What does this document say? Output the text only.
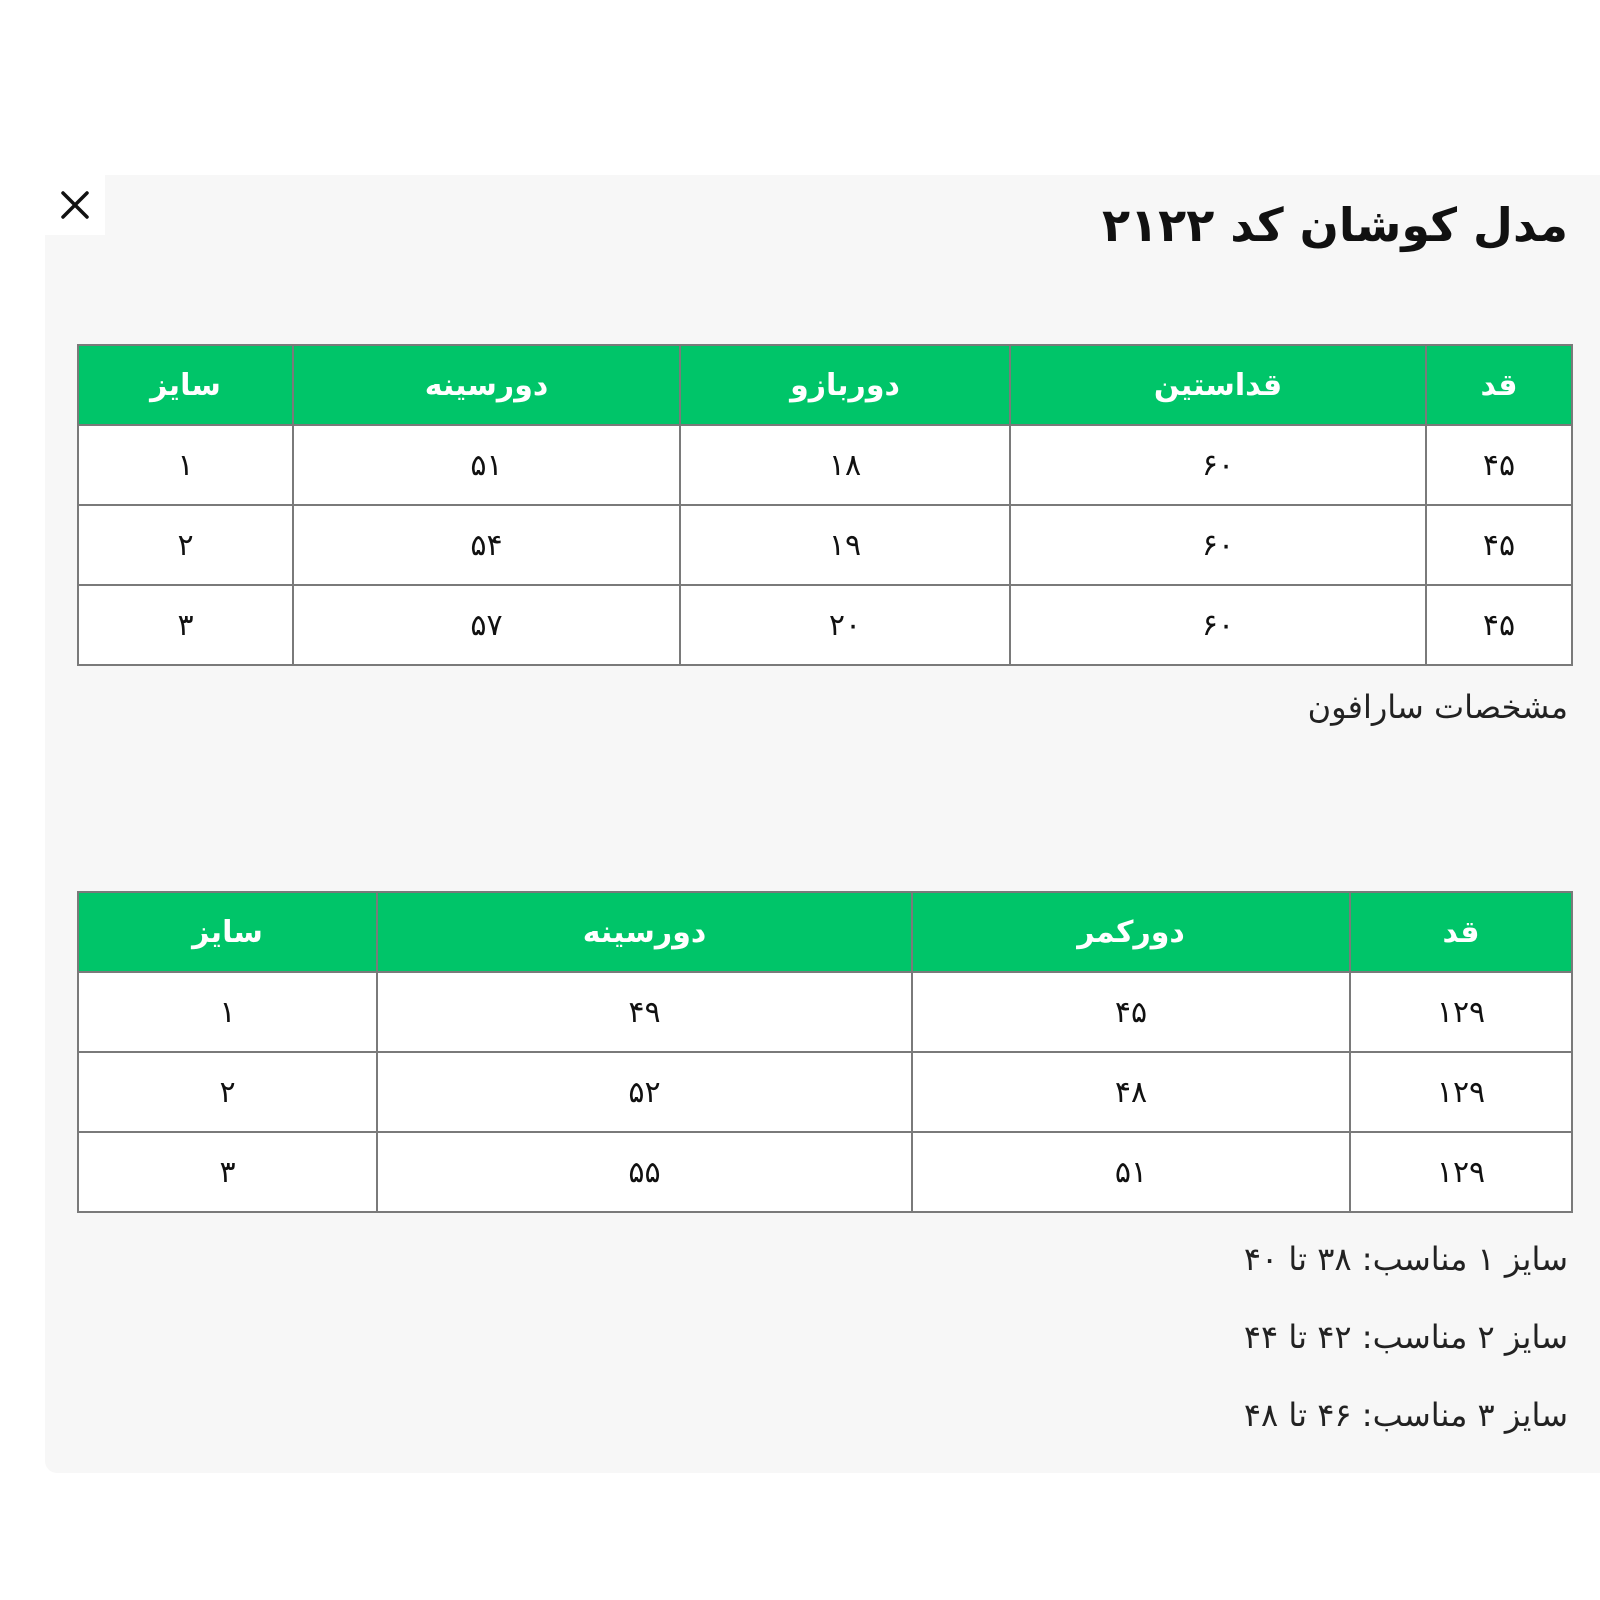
مدل کوشان کد ۲۱۲۲
قد	قداستین	دوربازو	دورسینه	سایز
۴۵	۶۰	۱۸	۵۱	۱
۴۵	۶۰	۱۹	۵۴	۲
۴۵	۶۰	۲۰	۵۷	۳

مشخصات سارافون

قد	دورکمر	دورسینه	سایز
۱۲۹	۴۵	۴۹	۱
۱۲۹	۴۸	۵۲	۲
۱۲۹	۵۱	۵۵	۳

سایز ۱ مناسب: ۳۸ تا ۴۰

سایز ۲ مناسب: ۴۲ تا ۴۴

سایز ۳ مناسب: ۴۶ تا ۴۸
